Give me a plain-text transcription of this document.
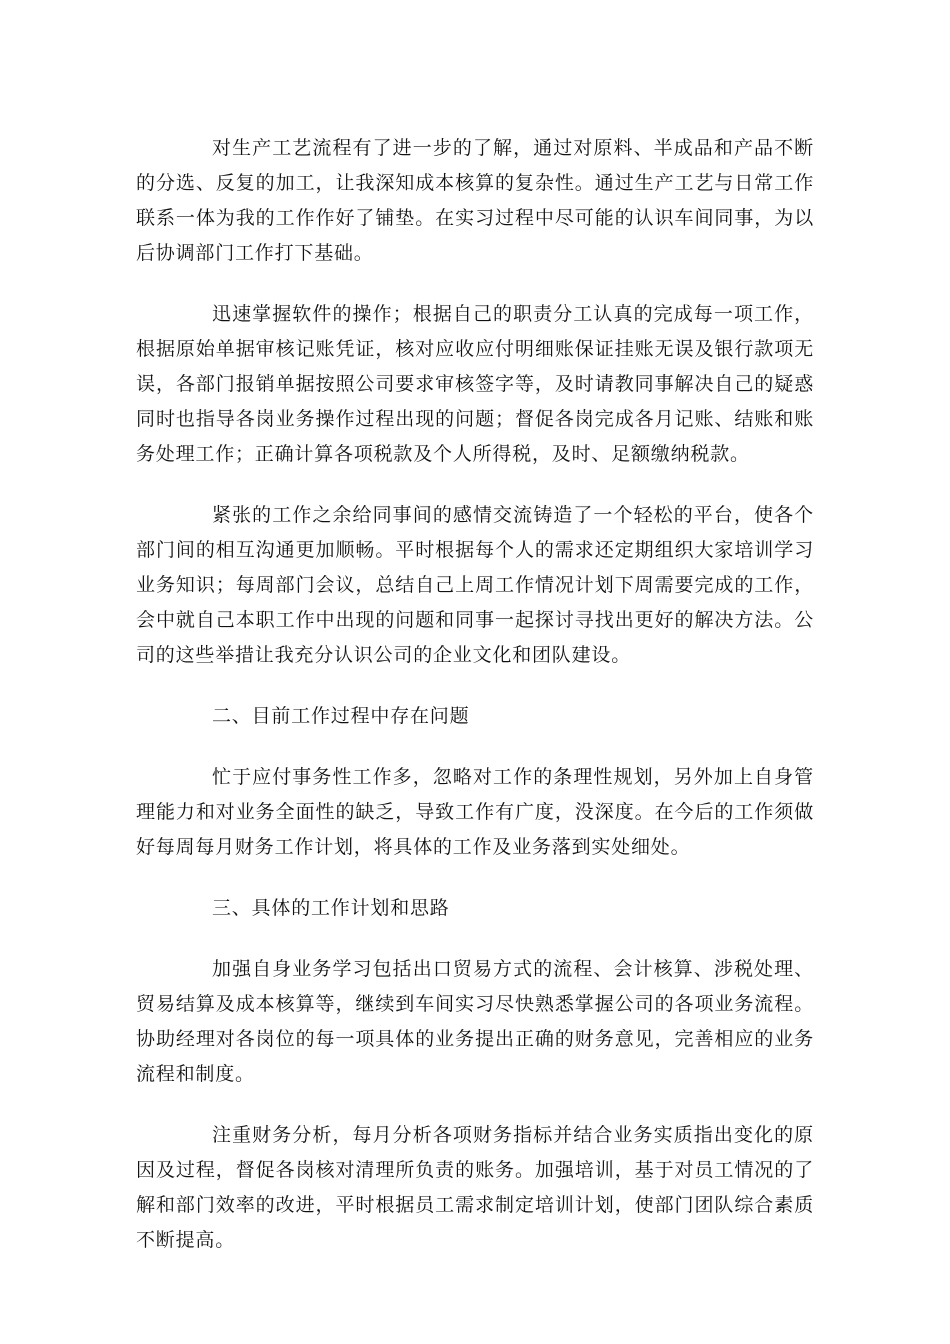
对生产工艺流程有了进一步的了解，通过对原料、半成品和产品不断的分选、反复的加工，让我深知成本核算的复杂性。通过生产工艺与日常工作联系一体为我的工作作好了铺垫。在实习过程中尽可能的认识车间同事，为以后协调部门工作打下基础。

迅速掌握软件的操作；根据自己的职责分工认真的完成每一项工作，根据原始单据审核记账凭证，核对应收应付明细账保证挂账无误及银行款项无误，各部门报销单据按照公司要求审核签字等，及时请教同事解决自己的疑惑同时也指导各岗业务操作过程出现的问题；督促各岗完成各月记账、结账和账务处理工作；正确计算各项税款及个人所得税，及时、足额缴纳税款。

紧张的工作之余给同事间的感情交流铸造了一个轻松的平台，使各个部门间的相互沟通更加顺畅。平时根据每个人的需求还定期组织大家培训学习业务知识；每周部门会议，总结自己上周工作情况计划下周需要完成的工作，会中就自己本职工作中出现的问题和同事一起探讨寻找出更好的解决方法。公司的这些举措让我充分认识公司的企业文化和团队建设。

二、目前工作过程中存在问题

忙于应付事务性工作多，忽略对工作的条理性规划，另外加上自身管理能力和对业务全面性的缺乏，导致工作有广度，没深度。在今后的工作须做好每周每月财务工作计划，将具体的工作及业务落到实处细处。

三、具体的工作计划和思路

加强自身业务学习包括出口贸易方式的流程、会计核算、涉税处理、贸易结算及成本核算等，继续到车间实习尽快熟悉掌握公司的各项业务流程。协助经理对各岗位的每一项具体的业务提出正确的财务意见，完善相应的业务流程和制度。

注重财务分析，每月分析各项财务指标并结合业务实质指出变化的原因及过程，督促各岗核对清理所负责的账务。加强培训，基于对员工情况的了解和部门效率的改进，平时根据员工需求制定培训计划，使部门团队综合素质不断提高。
